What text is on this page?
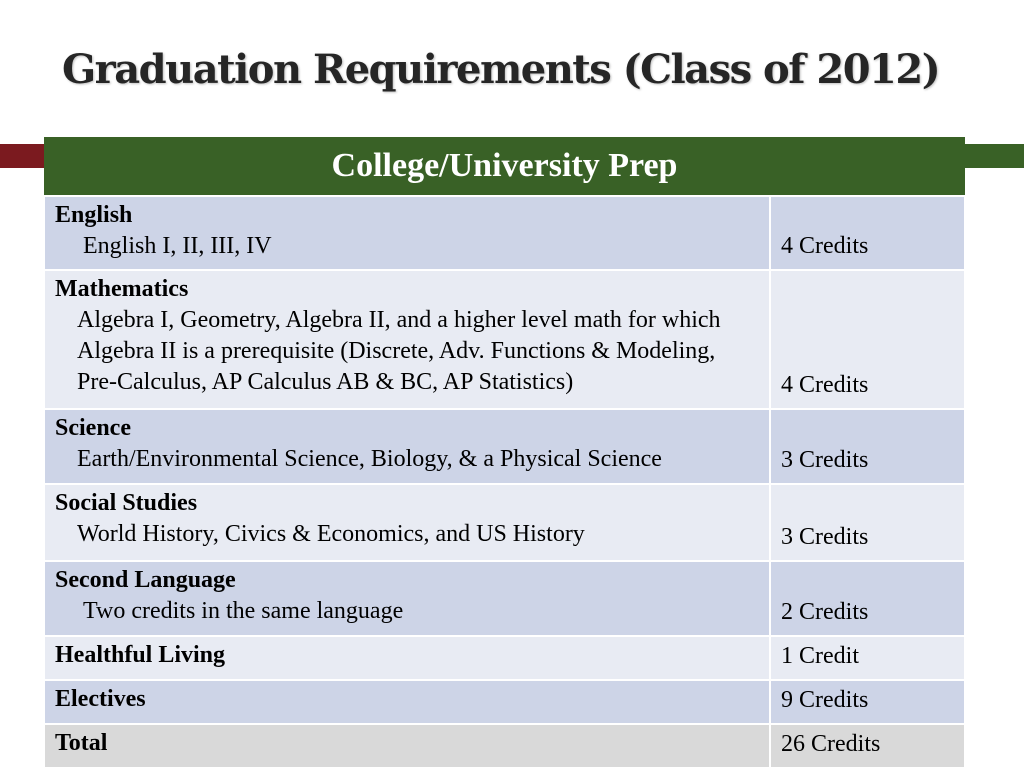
Graduation Requirements (Class of 2012)
College/University Prep	

English
English I, II, III, IV	4 Credits

Mathematics
Algebra I, Geometry, Algebra II, and a higher level math for which Algebra II is a prerequisite (Discrete, Adv. Functions & Modeling, Pre-Calculus, AP Calculus AB & BC, AP Statistics)	4 Credits

Science
Earth/Environmental Science, Biology, & a Physical Science	3 Credits

Social Studies
World History, Civics & Economics, and US History	3 Credits

Second Language
Two credits in the same language	2 Credits

Healthful Living	1 Credit

Electives	9 Credits

Total	26 Credits
